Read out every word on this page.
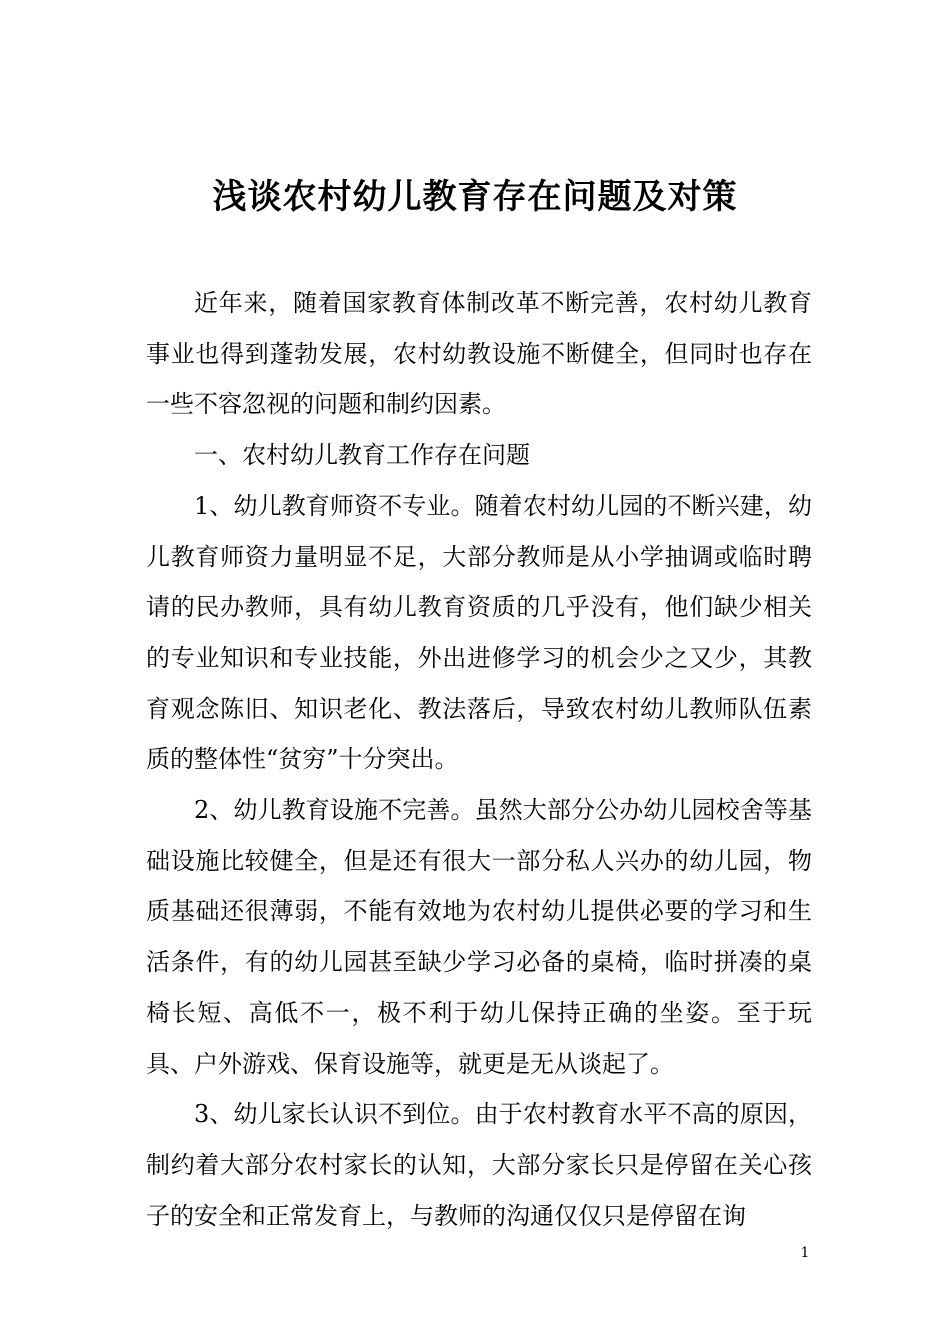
浅谈农村幼儿教育存在问题及对策

近年来，随着国家教育体制改革不断完善，农村幼儿教育事业也得到蓬勃发展，农村幼教设施不断健全，但同时也存在一些不容忽视的问题和制约因素。

一、农村幼儿教育工作存在问题

1、幼儿教育师资不专业。随着农村幼儿园的不断兴建，幼儿教育师资力量明显不足，大部分教师是从小学抽调或临时聘请的民办教师，具有幼儿教育资质的几乎没有，他们缺少相关的专业知识和专业技能，外出进修学习的机会少之又少，其教育观念陈旧、知识老化、教法落后，导致农村幼儿教师队伍素质的整体性“贫穷”十分突出。

2、幼儿教育设施不完善。虽然大部分公办幼儿园校舍等基础设施比较健全，但是还有很大一部分私人兴办的幼儿园，物质基础还很薄弱，不能有效地为农村幼儿提供必要的学习和生活条件，有的幼儿园甚至缺少学习必备的桌椅，临时拼凑的桌椅长短、高低不一，极不利于幼儿保持正确的坐姿。至于玩具、户外游戏、保育设施等，就更是无从谈起了。

3、幼儿家长认识不到位。由于农村教育水平不高的原因，制约着大部分农村家长的认知，大部分家长只是停留在关心孩子的安全和正常发育上，与教师的沟通仅仅只是停留在询

1
